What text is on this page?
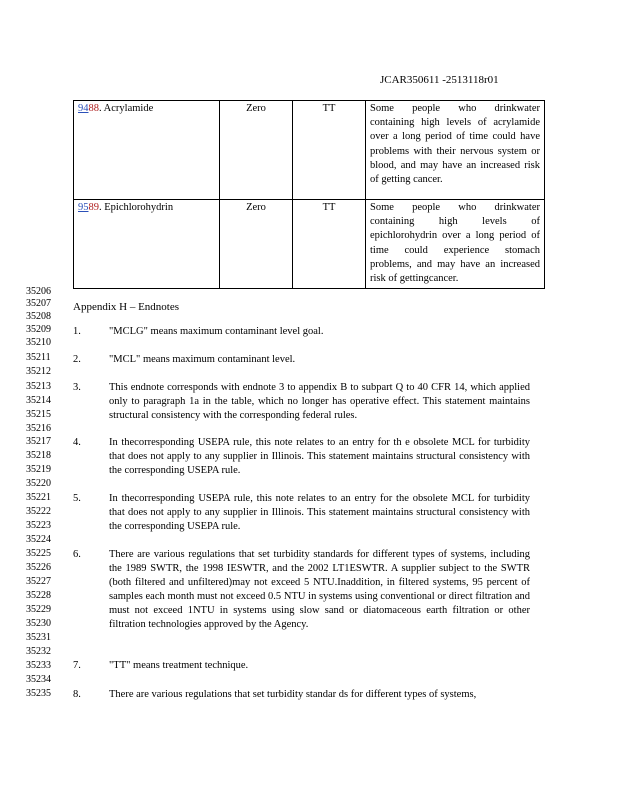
JCAR350611 -2513118r01
9488. Acrylamide	Zero	TT	Some people who drinkwater containing high levels of acrylamide over a long period of time could have problems with their nervous system or blood, and may have an increased risk of getting cancer.
9589. Epichlorohydrin	Zero	TT	Some people who drinkwater containing high levels of epichlorohydrin over a long period of time could experience stomach problems, and may have an increased risk of gettingcancer.
35206
35207
35208
35209
35210
35211
35212
35213
35214
35215
35216
35217
35218
35219
35220
35221
35222
35223
35224
35225
35226
35227
35228
35229
35230
35231
35232
35233
35234
35235
Appendix H – Endnotes
1.	"MCLG" means maximum contaminant level goal.
2.	"MCL" means maximum contaminant level.
3.	This endnote corresponds with endnote 3 to appendix B to subpart Q to 40 CFR 14, which applied only to paragraph 1a in the table, which no longer has operative effect. This statement maintains structural consistency with the corresponding federal rules.
4.	In thecorresponding USEPA rule, this note relates to an entry for th e obsolete MCL for turbidity that does not apply to any supplier in Illinois. This statement maintains structural consistency with the corresponding USEPA rule.
5.	In thecorresponding USEPA rule, this note relates to an entry for the obsolete MCL for turbidity that does not apply to any supplier in Illinois. This statement maintains structural consistency with the corresponding USEPA rule.
6.	There are various regulations that set turbidity standards for different types of systems, including the 1989 SWTR, the 1998 IESWTR, and the 2002 LT1ESWTR. A supplier subject to the SWTR (both filtered and unfiltered)may not exceed 5 NTU.Inaddition, in filtered systems, 95 percent of samples each month must not exceed 0.5 NTU in systems using conventional or direct filtration and must not exceed 1NTU in systems using slow sand or diatomaceous earth filtration or other filtration technologies approved by the Agency.
7.	"TT" means treatment technique.
8.	There are various regulations that set turbidity standar ds for different types of systems,
